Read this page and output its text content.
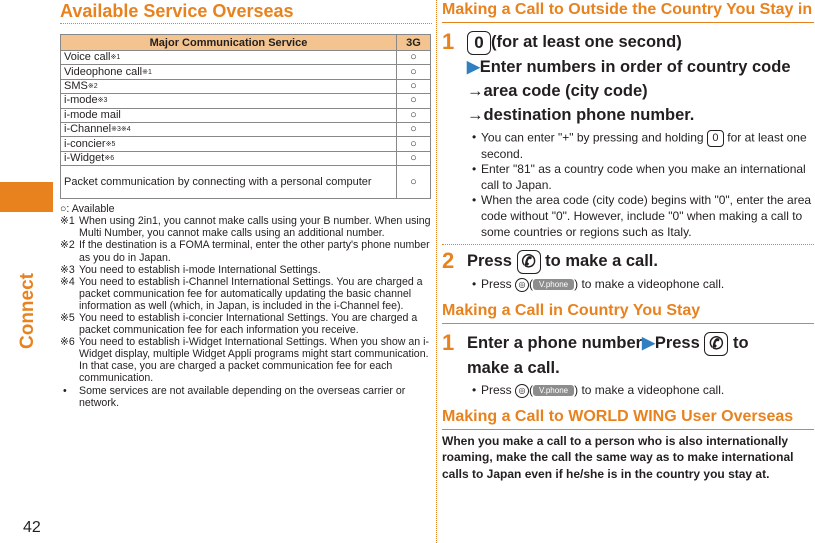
Connect
42
Available Service Overseas
Major Communication Service	3G
Voice call$^{※1}$	○
Videophone call$^{※1}$	○
SMS$^{※2}$	○
i-mode$^{※3}$	○
i-mode mail	○
i-Channel$^{※3※4}$	○
i-concier$^{※5}$	○
i-Widget$^{※6}$	○
Packet communication by connecting with a personal computer	○
○: Available
※1 When using 2in1, you cannot make calls using your B number. When using Multi Number, you cannot make calls using an additional number.
※2 If the destination is a FOMA terminal, enter the other party's phone number as you do in Japan.
※3 You need to establish i-mode International Settings.
※4 You need to establish i-Channel International Settings. You are charged a packet communication fee for automatically updating the basic channel information as well (which, in Japan, is included in the i-Channel fee).
※5 You need to establish i-concier International Settings. You are charged a packet communication fee for each information you receive.
※6 You need to establish i-Widget International Settings. When you show an i-Widget display, multiple Widget Appli programs might start communication. In that case, you are charged a packet communication fee for each communication.
•	Some services are not available depending on the overseas carrier or network.
Making a Call to Outside the Country You Stay in
1	0 (for at least one second)
▶Enter numbers in order of country code
→area code (city code)
→destination phone number.
• You can enter "+" by pressing and holding 0 for at least one second.
• Enter "81" as a country code when you make an international call to Japan.
• When the area code (city code) begins with "0", enter the area code without "0". However, include "0" when making a call to some countries or regions such as Italy.
2 Press ✆ to make a call.
• Press ◎ ( V.phone ) to make a videophone call.
Making a Call in Country You Stay
1 Enter a phone number▶Press ✆ to
make a call.
• Press ◎ ( V.phone ) to make a videophone call.
Making a Call to WORLD WING User Overseas
When you make a call to a person who is also internationally roaming, make the call the same way as to make international calls to Japan even if he/she is in the country you stay at.
